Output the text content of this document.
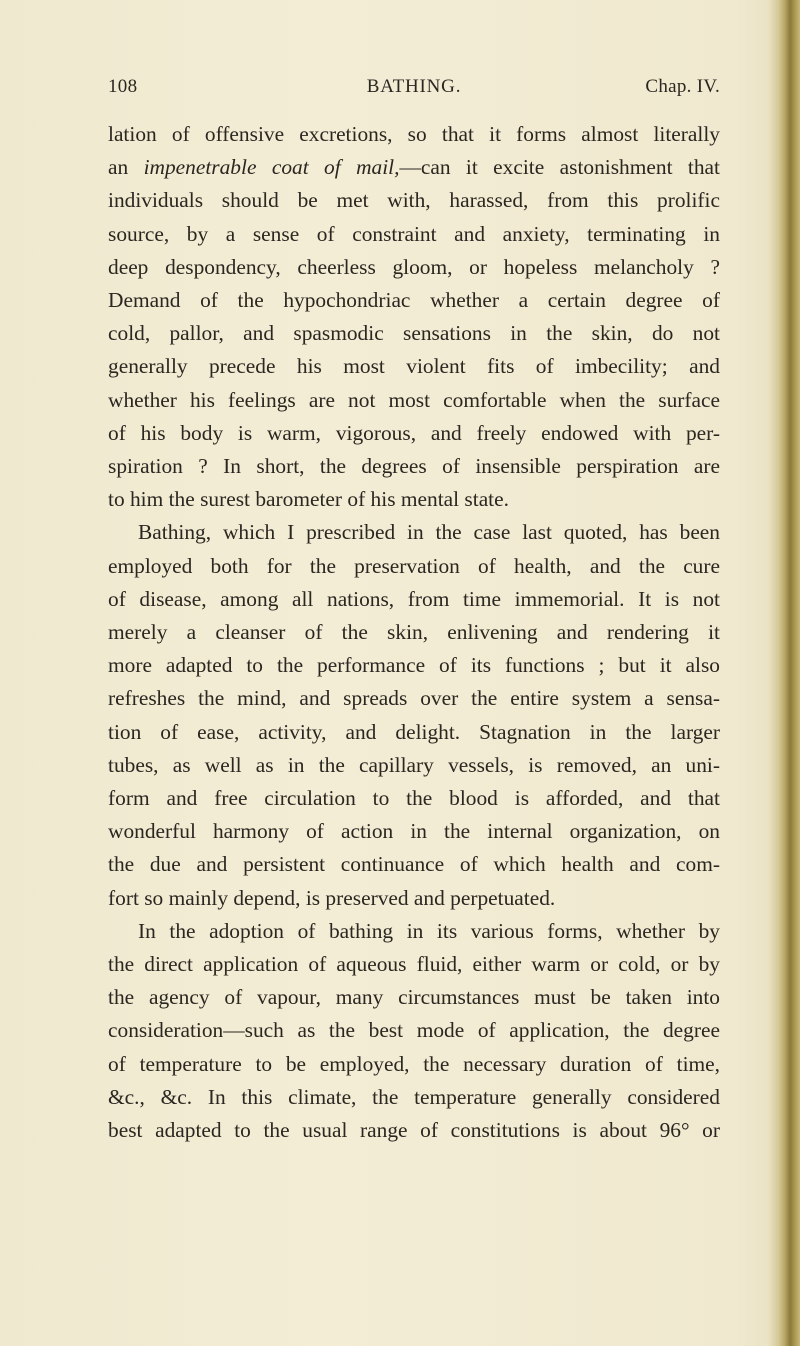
108	BATHING.	Chap. IV.
lation of offensive excretions, so that it forms almost literally
an impenetrable coat of mail,—can it excite astonishment that
individuals should be met with, harassed, from this prolific
source, by a sense of constraint and anxiety, terminating in
deep despondency, cheerless gloom, or hopeless melancholy ?
Demand of the hypochondriac whether a certain degree of
cold, pallor, and spasmodic sensations in the skin, do not
generally precede his most violent fits of imbecility; and
whether his feelings are not most comfortable when the surface
of his body is warm, vigorous, and freely endowed with per-
spiration ? In short, the degrees of insensible perspiration are
to him the surest barometer of his mental state.
Bathing, which I prescribed in the case last quoted, has been
employed both for the preservation of health, and the cure
of disease, among all nations, from time immemorial. It is not
merely a cleanser of the skin, enlivening and rendering it
more adapted to the performance of its functions ; but it also
refreshes the mind, and spreads over the entire system a sensa-
tion of ease, activity, and delight. Stagnation in the larger
tubes, as well as in the capillary vessels, is removed, an uni-
form and free circulation to the blood is afforded, and that
wonderful harmony of action in the internal organization, on
the due and persistent continuance of which health and com-
fort so mainly depend, is preserved and perpetuated.
In the adoption of bathing in its various forms, whether by
the direct application of aqueous fluid, either warm or cold, or by
the agency of vapour, many circumstances must be taken into
consideration—such as the best mode of application, the degree
of temperature to be employed, the necessary duration of time,
&c., &c. In this climate, the temperature generally considered
best adapted to the usual range of constitutions is about 96° or
